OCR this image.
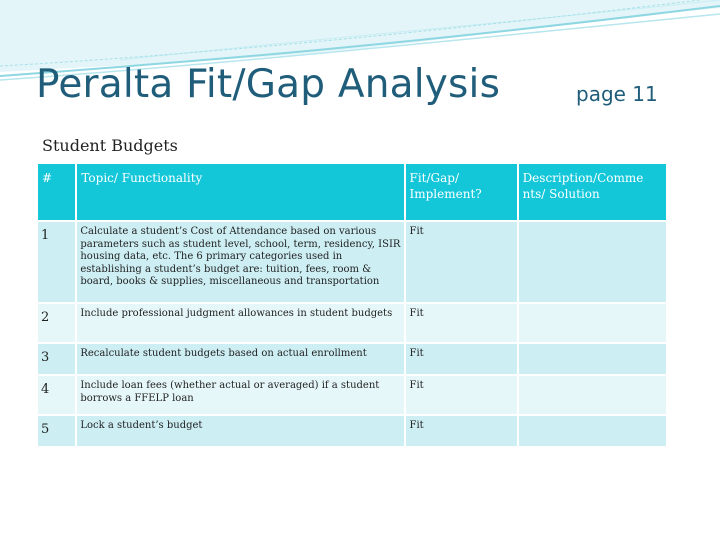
Peralta Fit/Gap Analysis	page 11
Student Budgets
#	Topic/ Functionality	Fit/Gap/ Implement?	Description/Comme nts/ Solution
1	Calculate a student’s Cost of Attendance based on various parameters such as student level, school, term, residency, ISIR housing data, etc. The 6 primary categories used in establishing a student’s budget are: tuition, fees, room & board, books & supplies, miscellaneous and transportation	Fit	
2	Include professional judgment allowances in student budgets	Fit	
3	Recalculate student budgets based on actual enrollment	Fit	
4	Include loan fees (whether actual or averaged) if a student borrows a FFELP loan	Fit	
5	Lock a student’s budget	Fit	
